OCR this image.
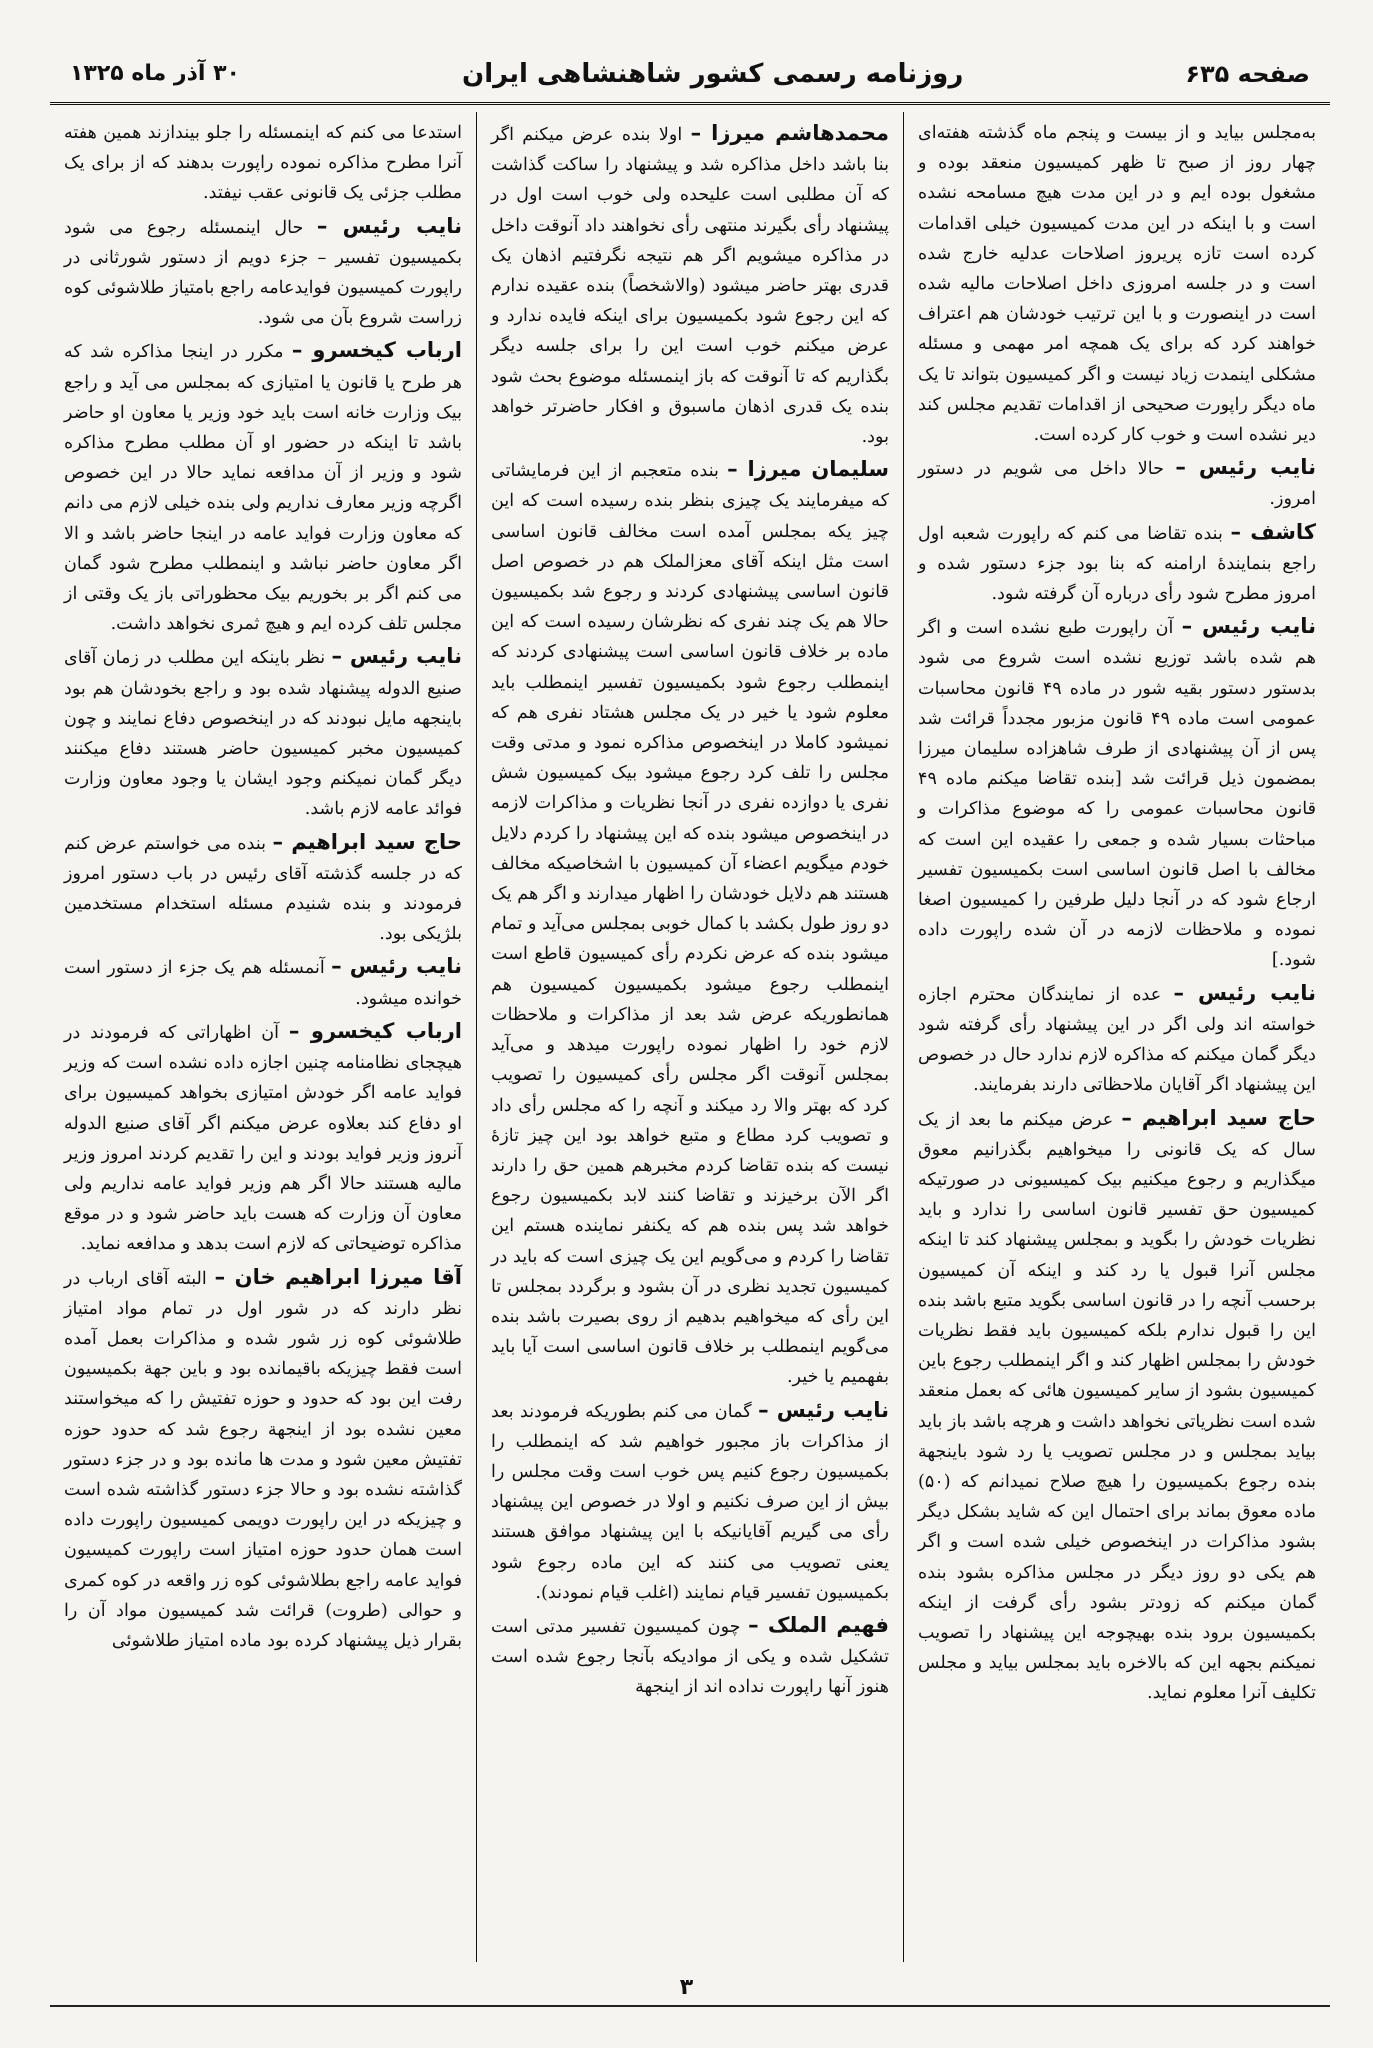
صفحه ۶۳۵
روزنامه رسمی کشور شاهنشاهی ایران
۳۰ آذر ماه ۱۳۲۵

به‌مجلس بیاید و از بیست و پنجم ماه گذشته هفته‌ای چهار روز از صبح تا ظهر کمیسیون منعقد بوده و مشغول بوده ایم و در این مدت هیچ مسامحه نشده است و با اینکه در این مدت کمیسیون خیلی اقدامات کرده است تازه پریروز اصلاحات عدلیه خارج شده است و در جلسه امروزی داخل اصلاحات مالیه شده است در اینصورت و با این ترتیب خودشان هم اعتراف خواهند کرد که برای یک همچه امر مهمی و مسئله مشکلی اینمدت زیاد نیست و اگر کمیسیون بتواند تا یک ماه دیگر راپورت صحیحی از اقدامات تقدیم مجلس کند دیر نشده است و خوب کار کرده است.

نایب رئیس – حالا داخل می شویم در دستور امروز.

کاشف – بنده تقاضا می کنم که راپورت شعبه اول راجع بنمایندهٔ ارامنه که بنا بود جزء دستور شده و امروز مطرح شود رأی درباره آن گرفته شود.

نایب رئیس – آن راپورت طبع نشده است و اگر هم شده باشد توزیع نشده است شروع می شود بدستور دستور بقیه شور در ماده ۴۹ قانون محاسبات عمومی است ماده ۴۹ قانون مزبور مجدداً قرائت شد پس از آن پیشنهادی از طرف شاهزاده سلیمان میرزا بمضمون ذیل قرائت شد [بنده تقاضا میکنم ماده ۴۹ قانون محاسبات عمومی را که موضوع مذاکرات و مباحثات بسیار شده و جمعی را عقیده این است که مخالف با اصل قانون اساسی است بکمیسیون تفسیر ارجاع شود که در آنجا دلیل طرفین را کمیسیون اصغا نموده و ملاحظات لازمه در آن شده راپورت داده شود.]

نایب رئیس – عده از نمایندگان محترم اجازه خواسته اند ولی اگر در این پیشنهاد رأی گرفته شود دیگر گمان میکنم که مذاکره لازم ندارد حال در خصوص این پیشنهاد اگر آقایان ملاحظاتی دارند بفرمایند.

حاج سید ابراهیم – عرض میکنم ما بعد از یک سال که یک قانونی را میخواهیم بگذرانیم معوق میگذاریم و رجوع میکنیم بیک کمیسیونی در صورتیکه کمیسیون حق تفسیر قانون اساسی را ندارد و باید نظریات خودش را بگوید و بمجلس پیشنهاد کند تا اینکه مجلس آنرا قبول یا رد کند و اینکه آن کمیسیون برحسب آنچه را در قانون اساسی بگوید متبع باشد بنده این را قبول ندارم بلکه کمیسیون باید فقط نظریات خودش را بمجلس اظهار کند و اگر اینمطلب رجوع باین کمیسیون بشود از سایر کمیسیون هائی که بعمل منعقد شده است نظریاتی نخواهد داشت و هرچه باشد باز باید بیاید بمجلس و در مجلس تصویب یا رد شود باینجهة بنده رجوع بکمیسیون را هیچ صلاح نمیدانم که (۵۰) ماده معوق بماند برای احتمال این که شاید بشکل دیگر بشود مذاکرات در اینخصوص خیلی شده است و اگر هم یکی دو روز دیگر در مجلس مذاکره بشود بنده گمان میکنم که زودتر بشود رأی گرفت از اینکه بکمیسیون برود بنده بهیچوجه این پیشنهاد را تصویب نمیکنم بجهه این که بالاخره باید بمجلس بیاید و مجلس تکلیف آنرا معلوم نماید.

محمدهاشم میرزا – اولا بنده عرض میکنم اگر بنا باشد داخل مذاکره شد و پیشنهاد را ساکت گذاشت که آن مطلبی است علیحده ولی خوب است اول در پیشنهاد رأی بگیرند منتهی رأی نخواهند داد آنوقت داخل در مذاکره میشویم اگر هم نتیجه نگرفتیم اذهان یک قدری بهتر حاضر میشود (والاشخصاً) بنده عقیده ندارم که این رجوع شود بکمیسیون برای اینکه فایده ندارد و عرض میکنم خوب است این را برای جلسه دیگر بگذاریم که تا آنوقت که باز اینمسئله موضوع بحث شود بنده یک قدری اذهان ماسبوق و افکار حاضرتر خواهد بود.

سلیمان میرزا – بنده متعجبم از این فرمایشاتی که میفرمایند یک چیزی بنظر بنده رسیده است که این چیز یکه بمجلس آمده است مخالف قانون اساسی است مثل اینکه آقای معزالملک هم در خصوص اصل قانون اساسی پیشنهادی کردند و رجوع شد بکمیسیون حالا هم یک چند نفری که نظرشان رسیده است که این ماده بر خلاف قانون اساسی است پیشنهادی کردند که اینمطلب رجوع شود بکمیسیون تفسیر اینمطلب باید معلوم شود یا خیر در یک مجلس هشتاد نفری هم که نمیشود کاملا در اینخصوص مذاکره نمود و مدتی وقت مجلس را تلف کرد رجوع میشود بیک کمیسیون شش نفری یا دوازده نفری در آنجا نظریات و مذاکرات لازمه در اینخصوص میشود بنده که این پیشنهاد را کردم دلایل خودم میگویم اعضاء آن کمیسیون با اشخاصیکه مخالف هستند هم دلایل خودشان را اظهار میدارند و اگر هم یک دو روز طول بکشد با کمال خوبی بمجلس می‌آید و تمام میشود بنده که عرض نکردم رأی کمیسیون قاطع است اینمطلب رجوع میشود بکمیسیون کمیسیون هم همانطوریکه عرض شد بعد از مذاکرات و ملاحظات لازم خود را اظهار نموده راپورت میدهد و می‌آید بمجلس آنوقت اگر مجلس رأی کمیسیون را تصویب کرد که بهتر والا رد میکند و آنچه را که مجلس رأی داد و تصویب کرد مطاع و متبع خواهد بود این چیز تازهٔ نیست که بنده تقاضا کردم مخبرهم همین حق را دارند اگر الآن برخیزند و تقاضا کنند لابد بکمیسیون رجوع خواهد شد پس بنده هم که یکنفر نماینده هستم این تقاضا را کردم و می‌گویم این یک چیزی است که باید در کمیسیون تجدید نظری در آن بشود و برگردد بمجلس تا این رأی که میخواهیم بدهیم از روی بصیرت باشد بنده می‌گویم اینمطلب بر خلاف قانون اساسی است آیا باید بفهمیم یا خیر.

نایب رئیس – گمان می کنم بطوریکه فرمودند بعد از مذاکرات باز مجبور خواهیم شد که اینمطلب را بکمیسیون رجوع کنیم پس خوب است وقت مجلس را بیش از این صرف نکنیم و اولا در خصوص این پیشنهاد رأی می گیریم آقایانیکه با این پیشنهاد موافق هستند یعنی تصویب می کنند که این ماده رجوع شود بکمیسیون تفسیر قیام نمایند (اغلب قیام نمودند).

فهیم الملک – چون کمیسیون تفسیر مدتی است تشکیل شده و یکی از موادیکه بآنجا رجوع شده است هنوز آنها راپورت نداده اند از اینجهة

استدعا می کنم که اینمسئله را جلو بیندازند همین هفته آنرا مطرح مذاکره نموده راپورت بدهند که از برای یک مطلب جزئی یک قانونی عقب نیفتد.

نایب رئیس – حال اینمسئله رجوع می شود بکمیسیون تفسیر – جزء دویم از دستور شورثانی در راپورت کمیسیون فوایدعامه راجع بامتیاز طلاشوئی کوه زراست شروع بآن می شود.

ارباب کیخسرو – مکرر در اینجا مذاکره شد که هر طرح یا قانون یا امتیازی که بمجلس می آید و راجع بیک وزارت خانه است باید خود وزیر یا معاون او حاضر باشد تا اینکه در حضور او آن مطلب مطرح مذاکره شود و وزیر از آن مدافعه نماید حالا در این خصوص اگرچه وزیر معارف نداریم ولی بنده خیلی لازم می دانم که معاون وزارت فواید عامه در اینجا حاضر باشد و الا اگر معاون حاضر نباشد و اینمطلب مطرح شود گمان می کنم اگر بر بخوریم بیک محظوراتی باز یک وقتی از مجلس تلف کرده ایم و هیچ ثمری نخواهد داشت.

نایب رئیس – نظر باینکه این مطلب در زمان آقای صنیع الدوله پیشنهاد شده بود و راجع بخودشان هم بود باینجهه مایل نبودند که در اینخصوص دفاع نمایند و چون کمیسیون مخبر کمیسیون حاضر هستند دفاع میکنند دیگر گمان نمیکنم وجود ایشان یا وجود معاون وزارت فوائد عامه لازم باشد.

حاج سید ابراهیم – بنده می خواستم عرض کنم که در جلسه گذشته آقای رئیس در باب دستور امروز فرمودند و بنده شنیدم مسئله استخدام مستخدمین بلژیکی بود.

نایب رئیس – آنمسئله هم یک جزء از دستور است خوانده میشود.

ارباب کیخسرو – آن اظهاراتی که فرمودند در هیچجای نظامنامه چنین اجازه داده نشده است که وزیر فواید عامه اگر خودش امتیازی بخواهد کمیسیون برای او دفاع کند بعلاوه عرض میکنم اگر آقای صنیع الدوله آنروز وزیر فواید بودند و این را تقدیم کردند امروز وزیر مالیه هستند حالا اگر هم وزیر فواید عامه نداریم ولی معاون آن وزارت که هست باید حاضر شود و در موقع مذاکره توضیحاتی که لازم است بدهد و مدافعه نماید.

آقا میرزا ابراهیم خان – البته آقای ارباب در نظر دارند که در شور اول در تمام مواد امتیاز طلاشوئی کوه زر شور شده و مذاکرات بعمل آمده است فقط چیزیکه باقیمانده بود و باین جهة بکمیسیون رفت این بود که حدود و حوزه تفتیش را که میخواستند معین نشده بود از اینجهة رجوع شد که حدود حوزه تفتیش معین شود و مدت ها مانده بود و در جزء دستور گذاشته نشده بود و حالا جزء دستور گذاشته شده است و چیزیکه در این راپورت دویمی کمیسیون راپورت داده است همان حدود حوزه امتیاز است راپورت کمیسیون فواید عامه راجع بطلاشوئی کوه زر واقعه در کوه کمری و حوالی (طروت) قرائت شد کمیسیون مواد آن را بقرار ذیل پیشنهاد کرده بود ماده امتیاز طلاشوئی

۳
